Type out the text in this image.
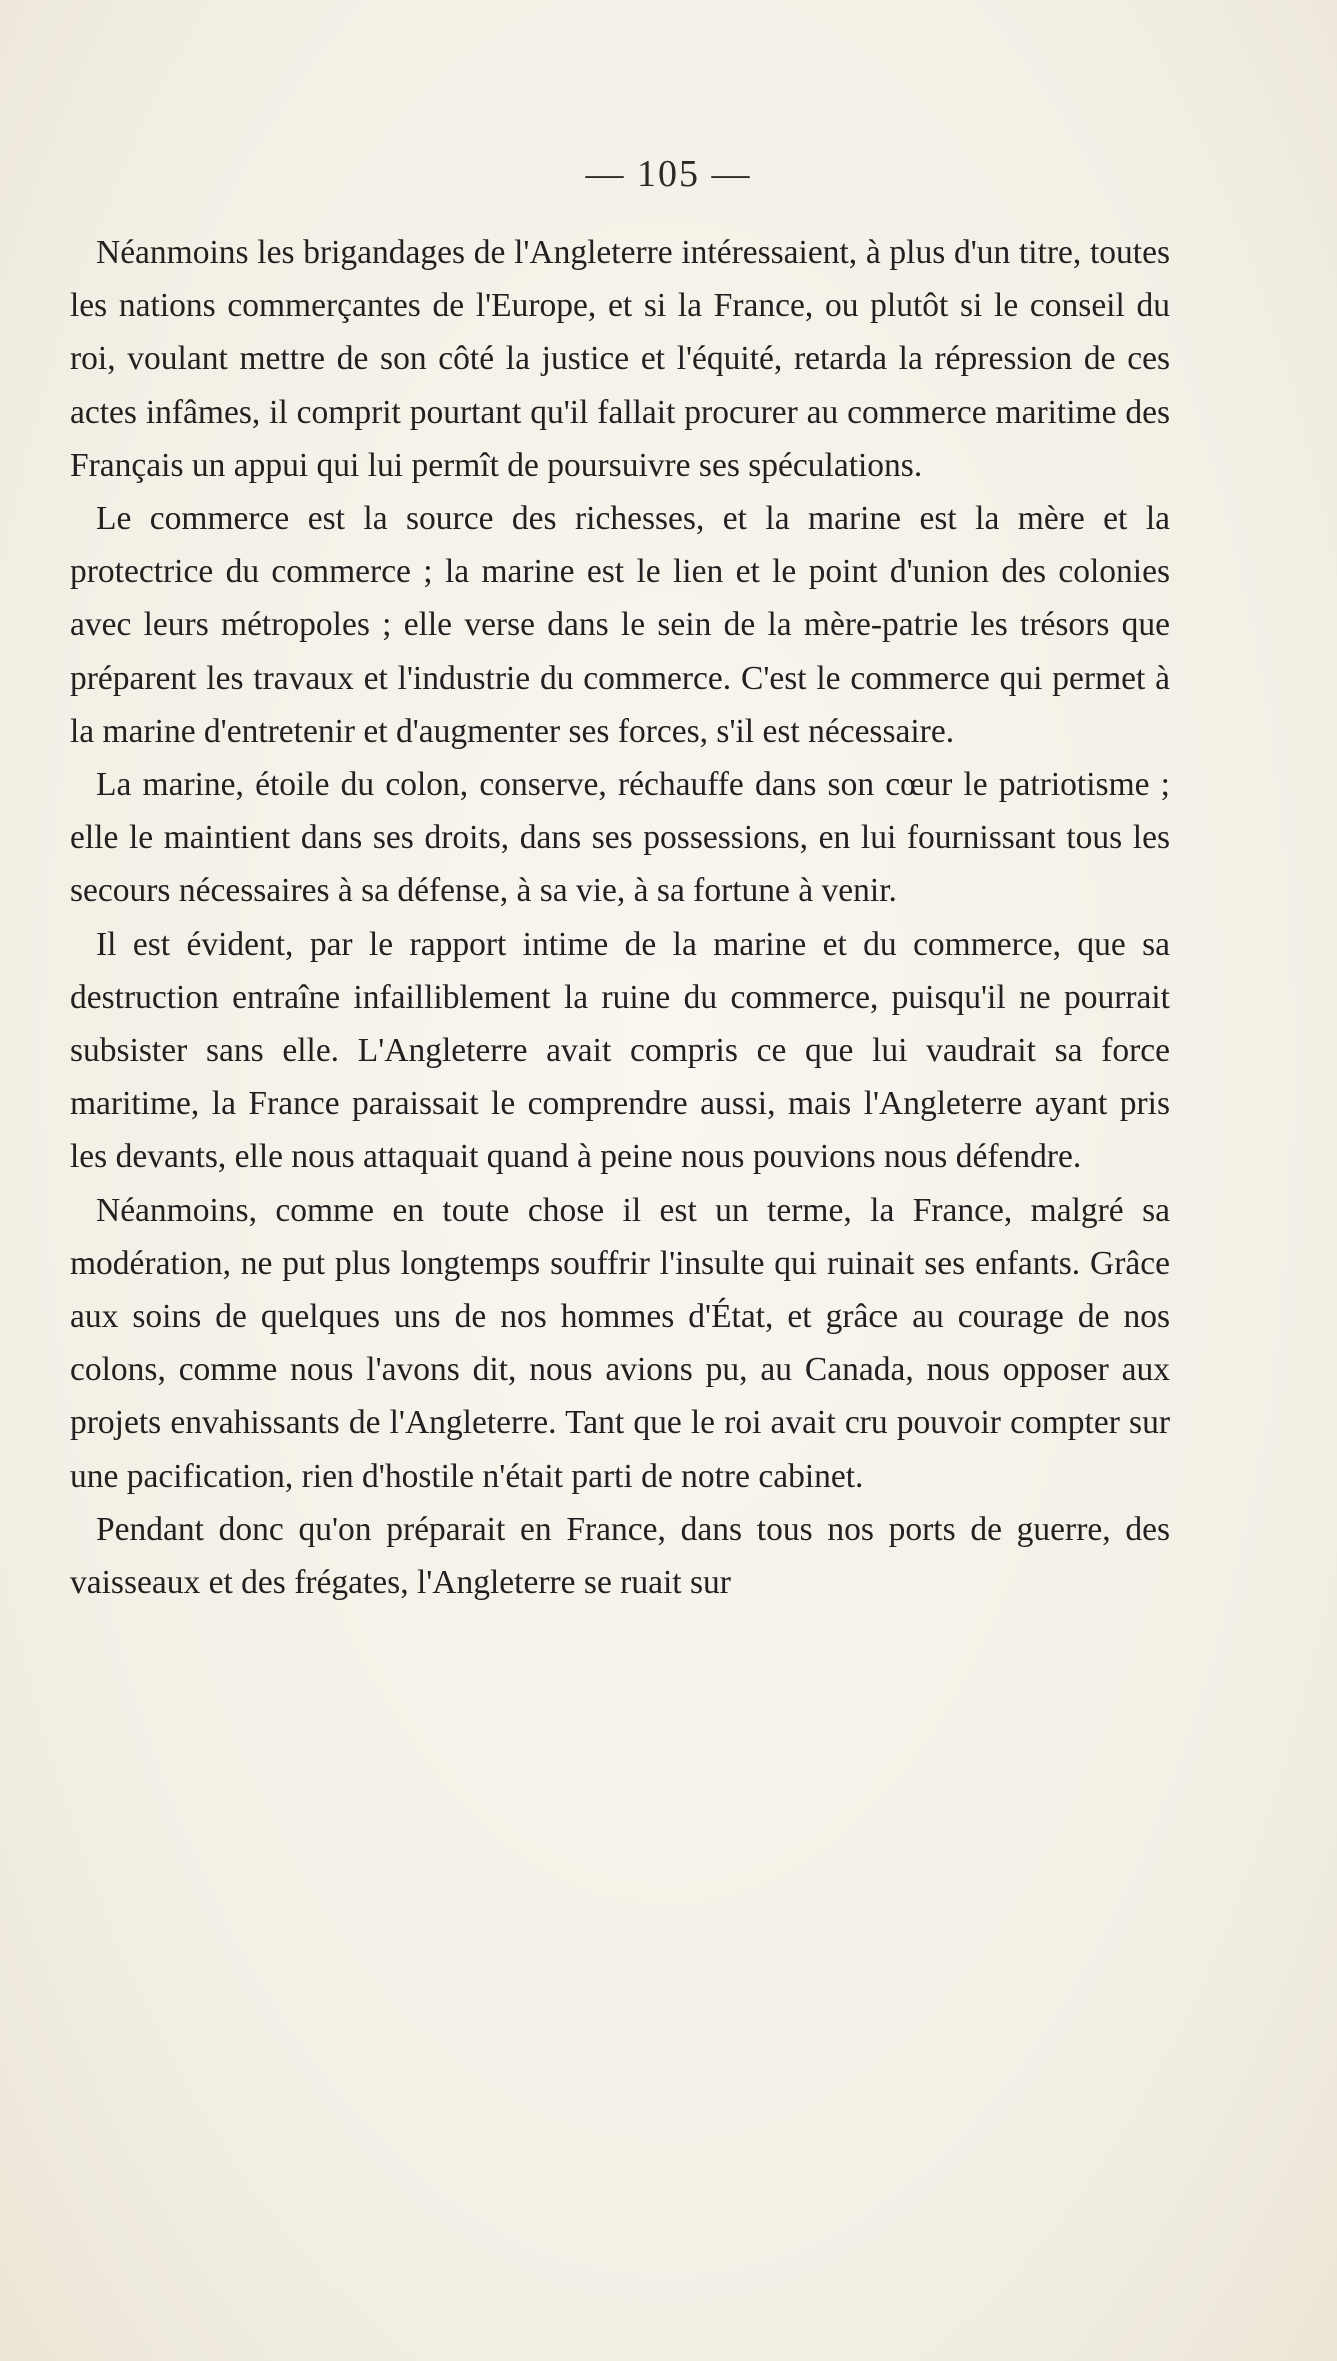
— 105 —

Néanmoins les brigandages de l'Angleterre intéressaient, à plus d'un titre, toutes les nations commerçantes de l'Europe, et si la France, ou plutôt si le conseil du roi, voulant mettre de son côté la justice et l'équité, retarda la répression de ces actes infâmes, il comprit pourtant qu'il fallait procurer au commerce maritime des Français un appui qui lui permît de poursuivre ses spéculations.

Le commerce est la source des richesses, et la marine est la mère et la protectrice du commerce ; la marine est le lien et le point d'union des colonies avec leurs métropoles ; elle verse dans le sein de la mère-patrie les trésors que préparent les travaux et l'industrie du commerce. C'est le commerce qui permet à la marine d'entretenir et d'augmenter ses forces, s'il est nécessaire.

La marine, étoile du colon, conserve, réchauffe dans son cœur le patriotisme ; elle le maintient dans ses droits, dans ses possessions, en lui fournissant tous les secours nécessaires à sa défense, à sa vie, à sa fortune à venir.

Il est évident, par le rapport intime de la marine et du commerce, que sa destruction entraîne infailliblement la ruine du commerce, puisqu'il ne pourrait subsister sans elle. L'Angleterre avait compris ce que lui vaudrait sa force maritime, la France paraissait le comprendre aussi, mais l'Angleterre ayant pris les devants, elle nous attaquait quand à peine nous pouvions nous défendre.

Néanmoins, comme en toute chose il est un terme, la France, malgré sa modération, ne put plus longtemps souffrir l'insulte qui ruinait ses enfants. Grâce aux soins de quelques uns de nos hommes d'État, et grâce au courage de nos colons, comme nous l'avons dit, nous avions pu, au Canada, nous opposer aux projets envahissants de l'Angleterre. Tant que le roi avait cru pouvoir compter sur une pacification, rien d'hostile n'était parti de notre cabinet.

Pendant donc qu'on préparait en France, dans tous nos ports de guerre, des vaisseaux et des frégates, l'Angleterre se ruait sur
